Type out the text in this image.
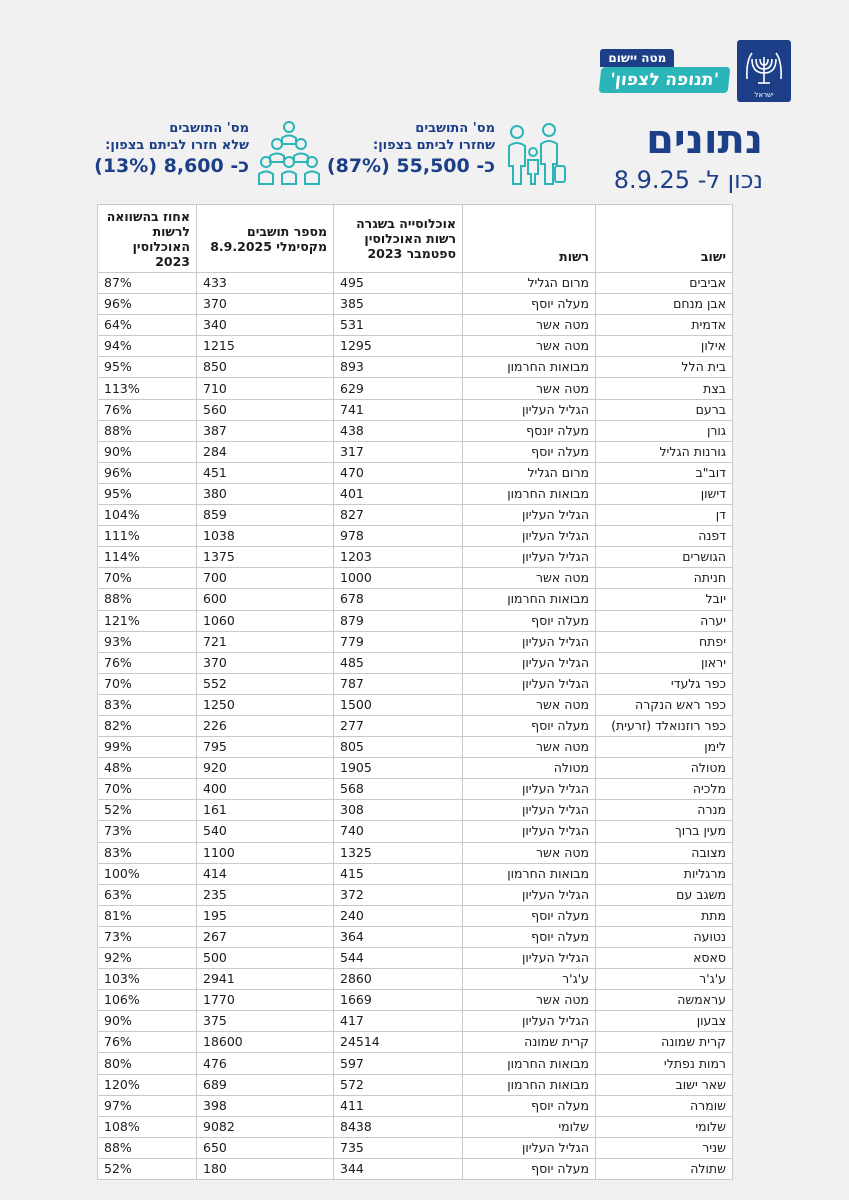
ישראל
מטה יישום
'תנופה לצפון'
נתונים
נכון ל- 8.9.25
מס' התושבים
שחזרו לביתם בצפון:
כ- 55,500 (87%)
מס' התושבים
שלא חזרו לביתם בצפון:
כ- 8,600 (13%)
ישוב	רשות	אוכלוסייה בשגרה רשות האוכלוסין ספטמבר 2023	מספר תושבים מקסימלי 8.9.2025	אחוז בהשוואה לרשות האוכלוסין 2023
אביבים	מרום הגליל	495	433	87%
אבן מנחם	מעלה יוסף	385	370	96%
אדמית	מטה אשר	531	340	64%
אילון	מטה אשר	1295	1215	94%
בית הלל	מבואות החרמון	893	850	95%
בצת	מטה אשר	629	710	113%
ברעם	הגליל העליון	741	560	76%
גורן	מעלה יונסף	438	387	88%
גורנות הגליל	מעלה יוסף	317	284	90%
דוב"ב	מרום הגליל	470	451	96%
דישון	מבואות החרמון	401	380	95%
דן	הגליל העליון	827	859	104%
דפנה	הגליל העליון	978	1038	111%
הגושרים	הגליל העליון	1203	1375	114%
חניתה	מטה אשר	1000	700	70%
יובל	מבואות החרמון	678	600	88%
יערה	מעלה יוסף	879	1060	121%
יפתח	הגליל העליון	779	721	93%
יראון	הגליל העליון	485	370	76%
כפר גלעדי	הגליל העליון	787	552	70%
כפר ראש הנקרה	מטה אשר	1500	1250	83%
כפר רוזנואלד (זרעית)	מעלה יוסף	277	226	82%
לימן	מטה אשר	805	795	99%
מטולה	מטולה	1905	920	48%
מלכיה	הגליל העליון	568	400	70%
מנרה	הגליל העליון	308	161	52%
מעין ברוך	הגליל העליון	740	540	73%
מצובה	מטה אשר	1325	1100	83%
מרגליות	מבואות החרמון	415	414	100%
משגב עם	הגליל העליון	372	235	63%
מתת	מעלה יוסף	240	195	81%
נטועה	מעלה יוסף	364	267	73%
סאסא	הגליל העליון	544	500	92%
ע'ג'ר	ע'ג'ר	2860	2941	103%
עראמשה	מטה אשר	1669	1770	106%
צבעון	הגליל העליון	417	375	90%
קרית שמונה	קרית שמונה	24514	18600	76%
רמות נפתלי	מבואות החרמון	597	476	80%
שאר ישוב	מבואות החרמון	572	689	120%
שומרה	מעלה יוסף	411	398	97%
שלומי	שלומי	8438	9082	108%
שניר	הגליל העליון	735	650	88%
שתולה	מעלה יוסף	344	180	52%
